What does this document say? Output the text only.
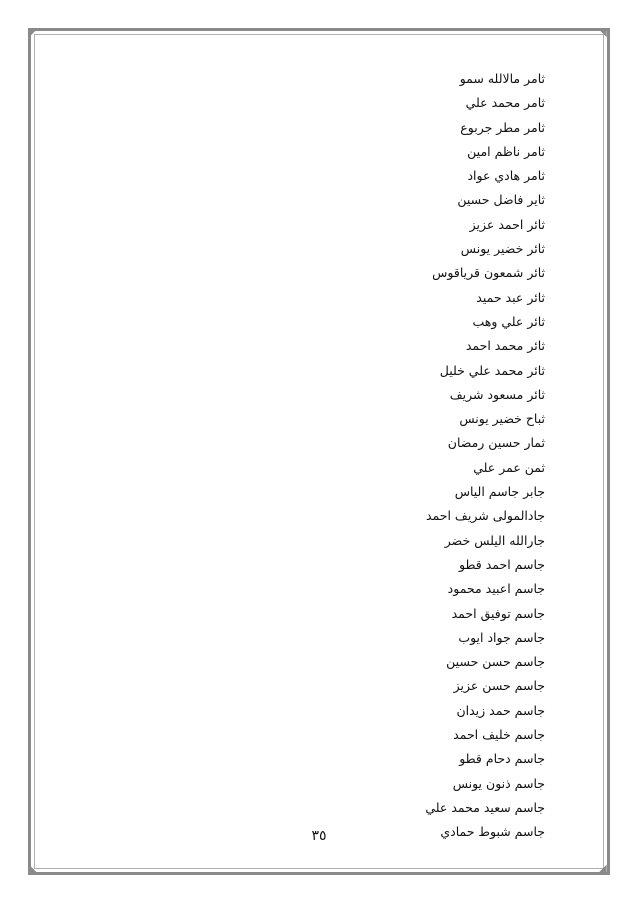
◤	◥
◣	◢
ثامر مالالله سمو
ثامر محمد علي
ثامر مطر جربوع
ثامر ناظم امين
ثامر هادي عواد
ثاير فاضل حسين
ثائر احمد عزيز
ثائر خضير يونس
ثائر شمعون قرياقوس
ثائر عبد حميد
ثائر علي وهب
ثائر محمد احمد
ثائر محمد علي خليل
ثائر مسعود شريف
ثباح خضير يونس
ثمار حسين رمضان
ثمن عمر علي
جابر جاسم الياس
جادالمولى شريف احمد
جارالله اليلس خضر
جاسم احمد قطو
جاسم اعبيد محمود
جاسم توفيق احمد
جاسم جواد ايوب
جاسم حسن حسين
جاسم حسن عزيز
جاسم حمد زيدان
جاسم خليف احمد
جاسم دحام قطو
جاسم ذنون يونس
جاسم سعيد محمد علي
جاسم شبوط حمادي
٣٥
